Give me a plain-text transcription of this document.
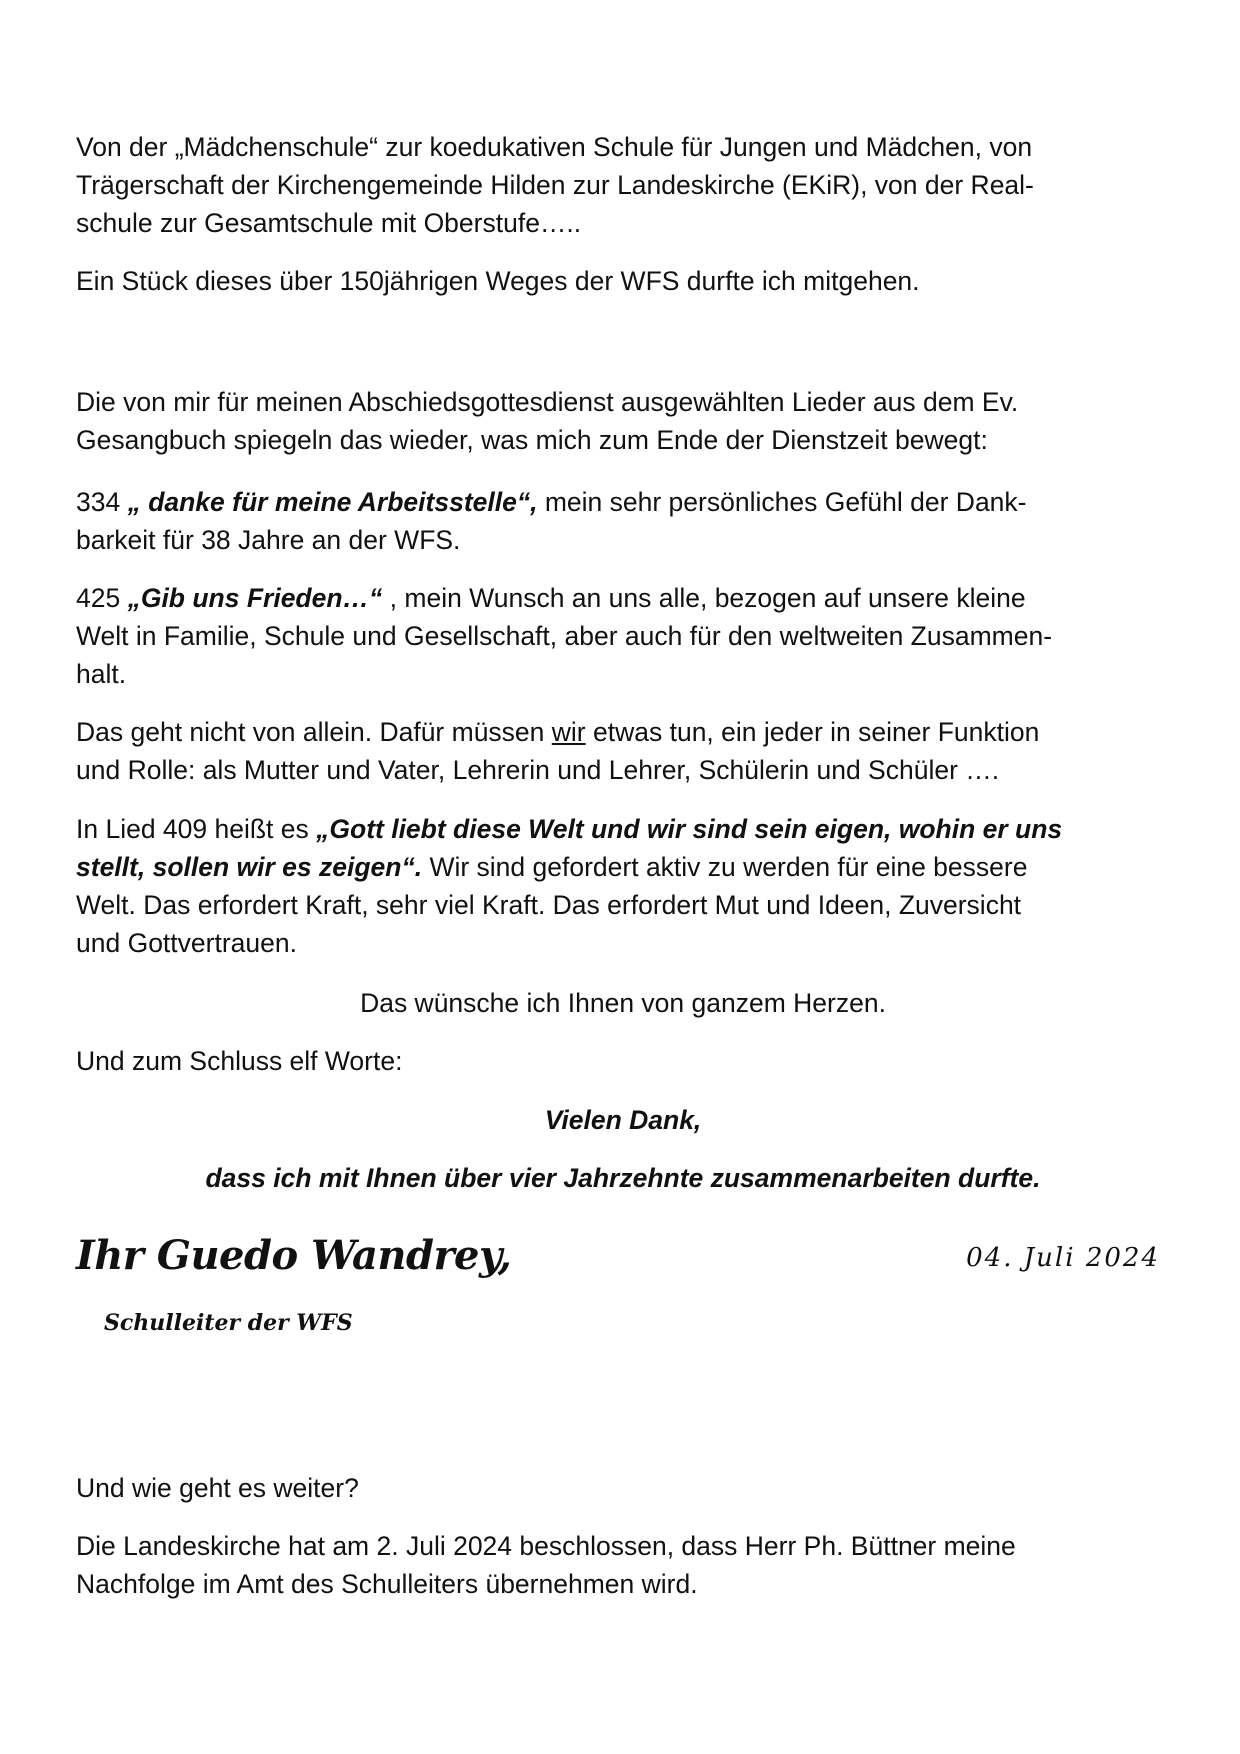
Von der „Mädchenschule“ zur koedukativen Schule für Jungen und Mädchen, von
Trägerschaft der Kirchengemeinde Hilden zur Landeskirche (EKiR), von der Real-
schule zur Gesamtschule mit Oberstufe…..

Ein Stück dieses über 150jährigen Weges der WFS durfte ich mitgehen.

Die von mir für meinen Abschiedsgottesdienst ausgewählten Lieder aus dem Ev.
Gesangbuch spiegeln das wieder, was mich zum Ende der Dienstzeit bewegt:

334 „ danke für meine Arbeitsstelle“, mein sehr persönliches Gefühl der Dank-
barkeit für 38 Jahre an der WFS.

425 „Gib uns Frieden…“ , mein Wunsch an uns alle, bezogen auf unsere kleine
Welt in Familie, Schule und Gesellschaft, aber auch für den weltweiten Zusammen-
halt.

Das geht nicht von allein. Dafür müssen wir etwas tun, ein jeder in seiner Funktion
und Rolle: als Mutter und Vater, Lehrerin und Lehrer, Schülerin und Schüler ….

In Lied 409 heißt es „Gott liebt diese Welt und wir sind sein eigen, wohin er uns
stellt, sollen wir es zeigen“. Wir sind gefordert aktiv zu werden für eine bessere
Welt. Das erfordert Kraft, sehr viel Kraft. Das erfordert Mut und Ideen, Zuversicht
und Gottvertrauen.

Das wünsche ich Ihnen von ganzem Herzen.

Und zum Schluss elf Worte:

Vielen Dank,

dass ich mit Ihnen über vier Jahrzehnte zusammenarbeiten durfte.

Ihr Guedo Wandrey,	04. Juli 2024
Schulleiter der WFS

Und wie geht es weiter?

Die Landeskirche hat am 2. Juli 2024 beschlossen, dass Herr Ph. Büttner meine
Nachfolge im Amt des Schulleiters übernehmen wird.
